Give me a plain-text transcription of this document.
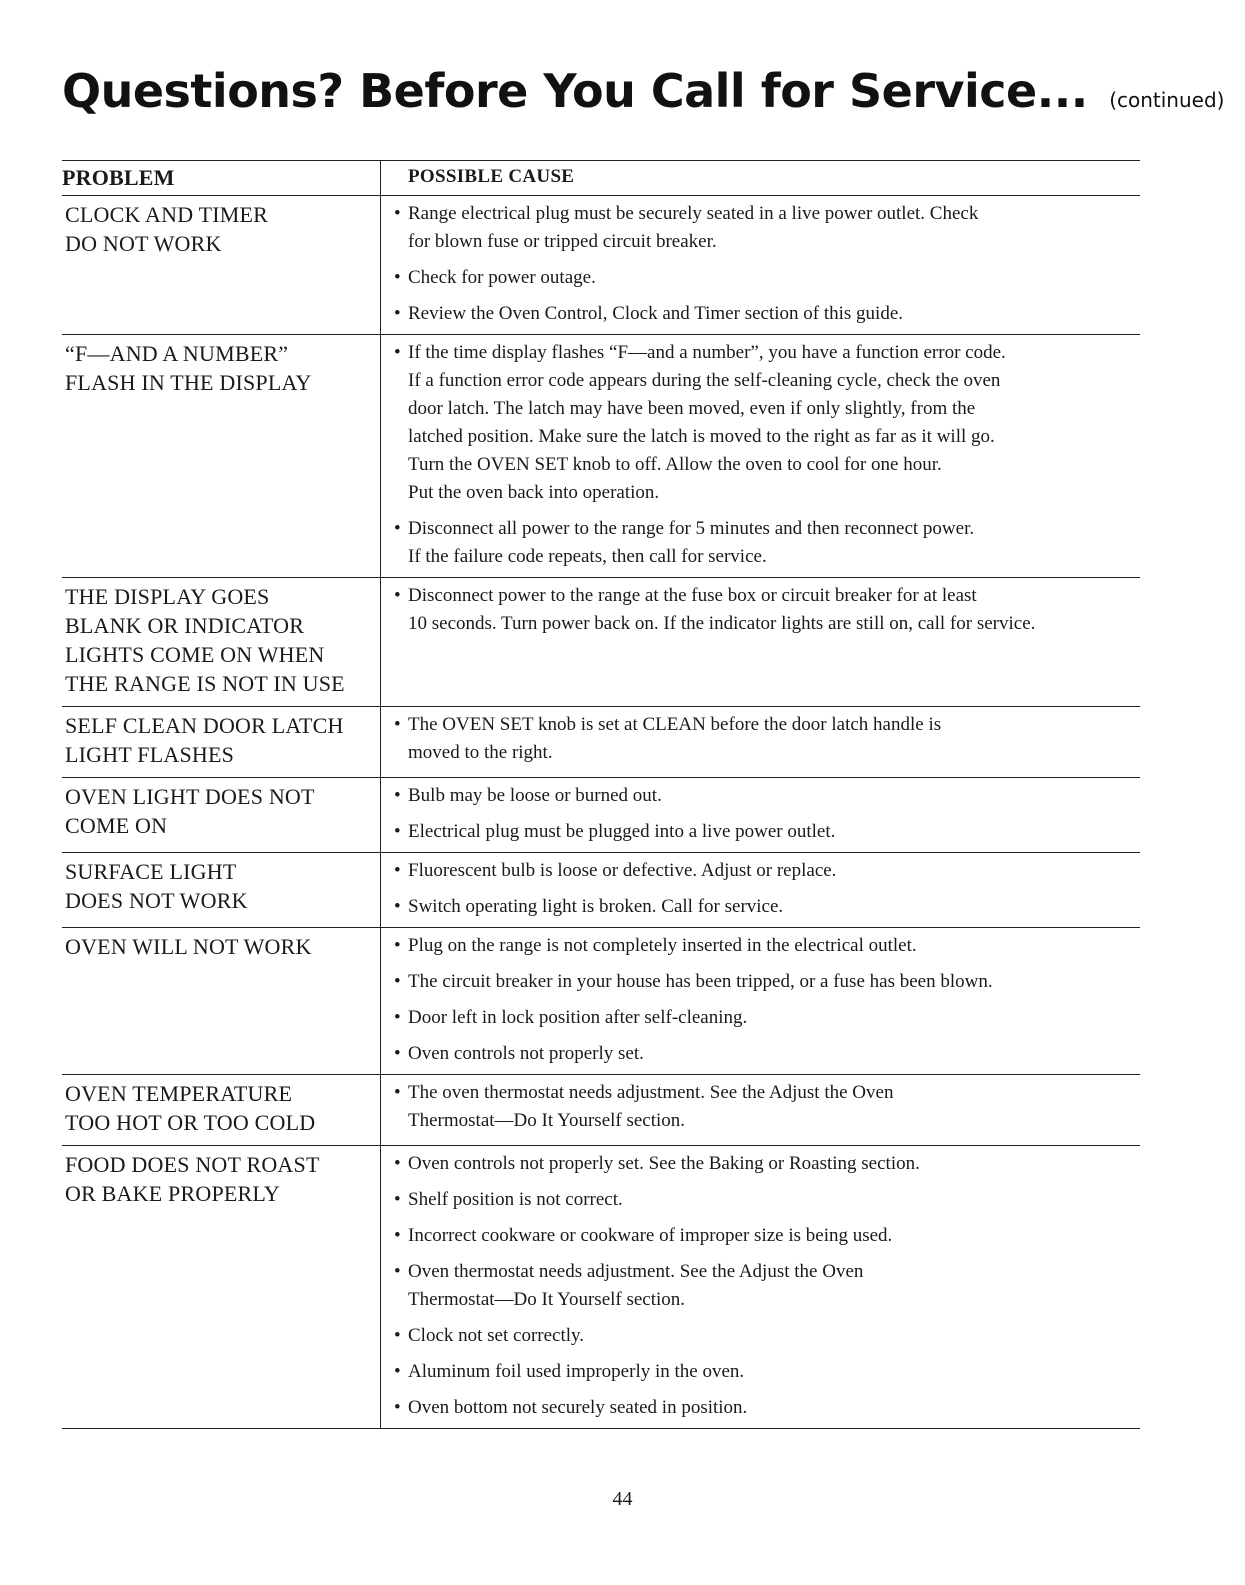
Questions? Before You Call for Service... (continued)
PROBLEM	POSSIBLE CAUSE
CLOCK AND TIMER
DO NOT WORK
• Range electrical plug must be securely seated in a live power outlet. Check
for blown fuse or tripped circuit breaker.
• Check for power outage.
• Review the Oven Control, Clock and Timer section of this guide.
“F—AND A NUMBER”
FLASH IN THE DISPLAY
• If the time display flashes “F—and a number”, you have a function error code.
If a function error code appears during the self-cleaning cycle, check the oven
door latch. The latch may have been moved, even if only slightly, from the
latched position. Make sure the latch is moved to the right as far as it will go.
Turn the OVEN SET knob to off. Allow the oven to cool for one hour.
Put the oven back into operation.
• Disconnect all power to the range for 5 minutes and then reconnect power.
If the failure code repeats, then call for service.
THE DISPLAY GOES
BLANK OR INDICATOR
LIGHTS COME ON WHEN
THE RANGE IS NOT IN USE
• Disconnect power to the range at the fuse box or circuit breaker for at least
10 seconds. Turn power back on. If the indicator lights are still on, call for service.
SELF CLEAN DOOR LATCH
LIGHT FLASHES
• The OVEN SET knob is set at CLEAN before the door latch handle is
moved to the right.
OVEN LIGHT DOES NOT
COME ON
• Bulb may be loose or burned out.
• Electrical plug must be plugged into a live power outlet.
SURFACE LIGHT
DOES NOT WORK
• Fluorescent bulb is loose or defective. Adjust or replace.
• Switch operating light is broken. Call for service.
OVEN WILL NOT WORK
•	Plug on the range is not completely inserted in the electrical outlet.
• The circuit breaker in your house has been tripped, or a fuse has been blown.
• Door left in lock position after self-cleaning.
• Oven controls not properly set.
OVEN TEMPERATURE
TOO HOT OR TOO COLD
• The oven thermostat needs adjustment. See the Adjust the Oven
Thermostat—Do It Yourself section.
FOOD DOES NOT ROAST
OR BAKE PROPERLY
• Oven controls not properly set. See the Baking or Roasting section.
• Shelf position is not correct.
• Incorrect cookware or cookware of improper size is being used.
• Oven thermostat needs adjustment. See the Adjust the Oven
Thermostat—Do It Yourself section.
• Clock not set correctly.
• Aluminum foil used improperly in the oven.
• Oven bottom not securely seated in position.
44
